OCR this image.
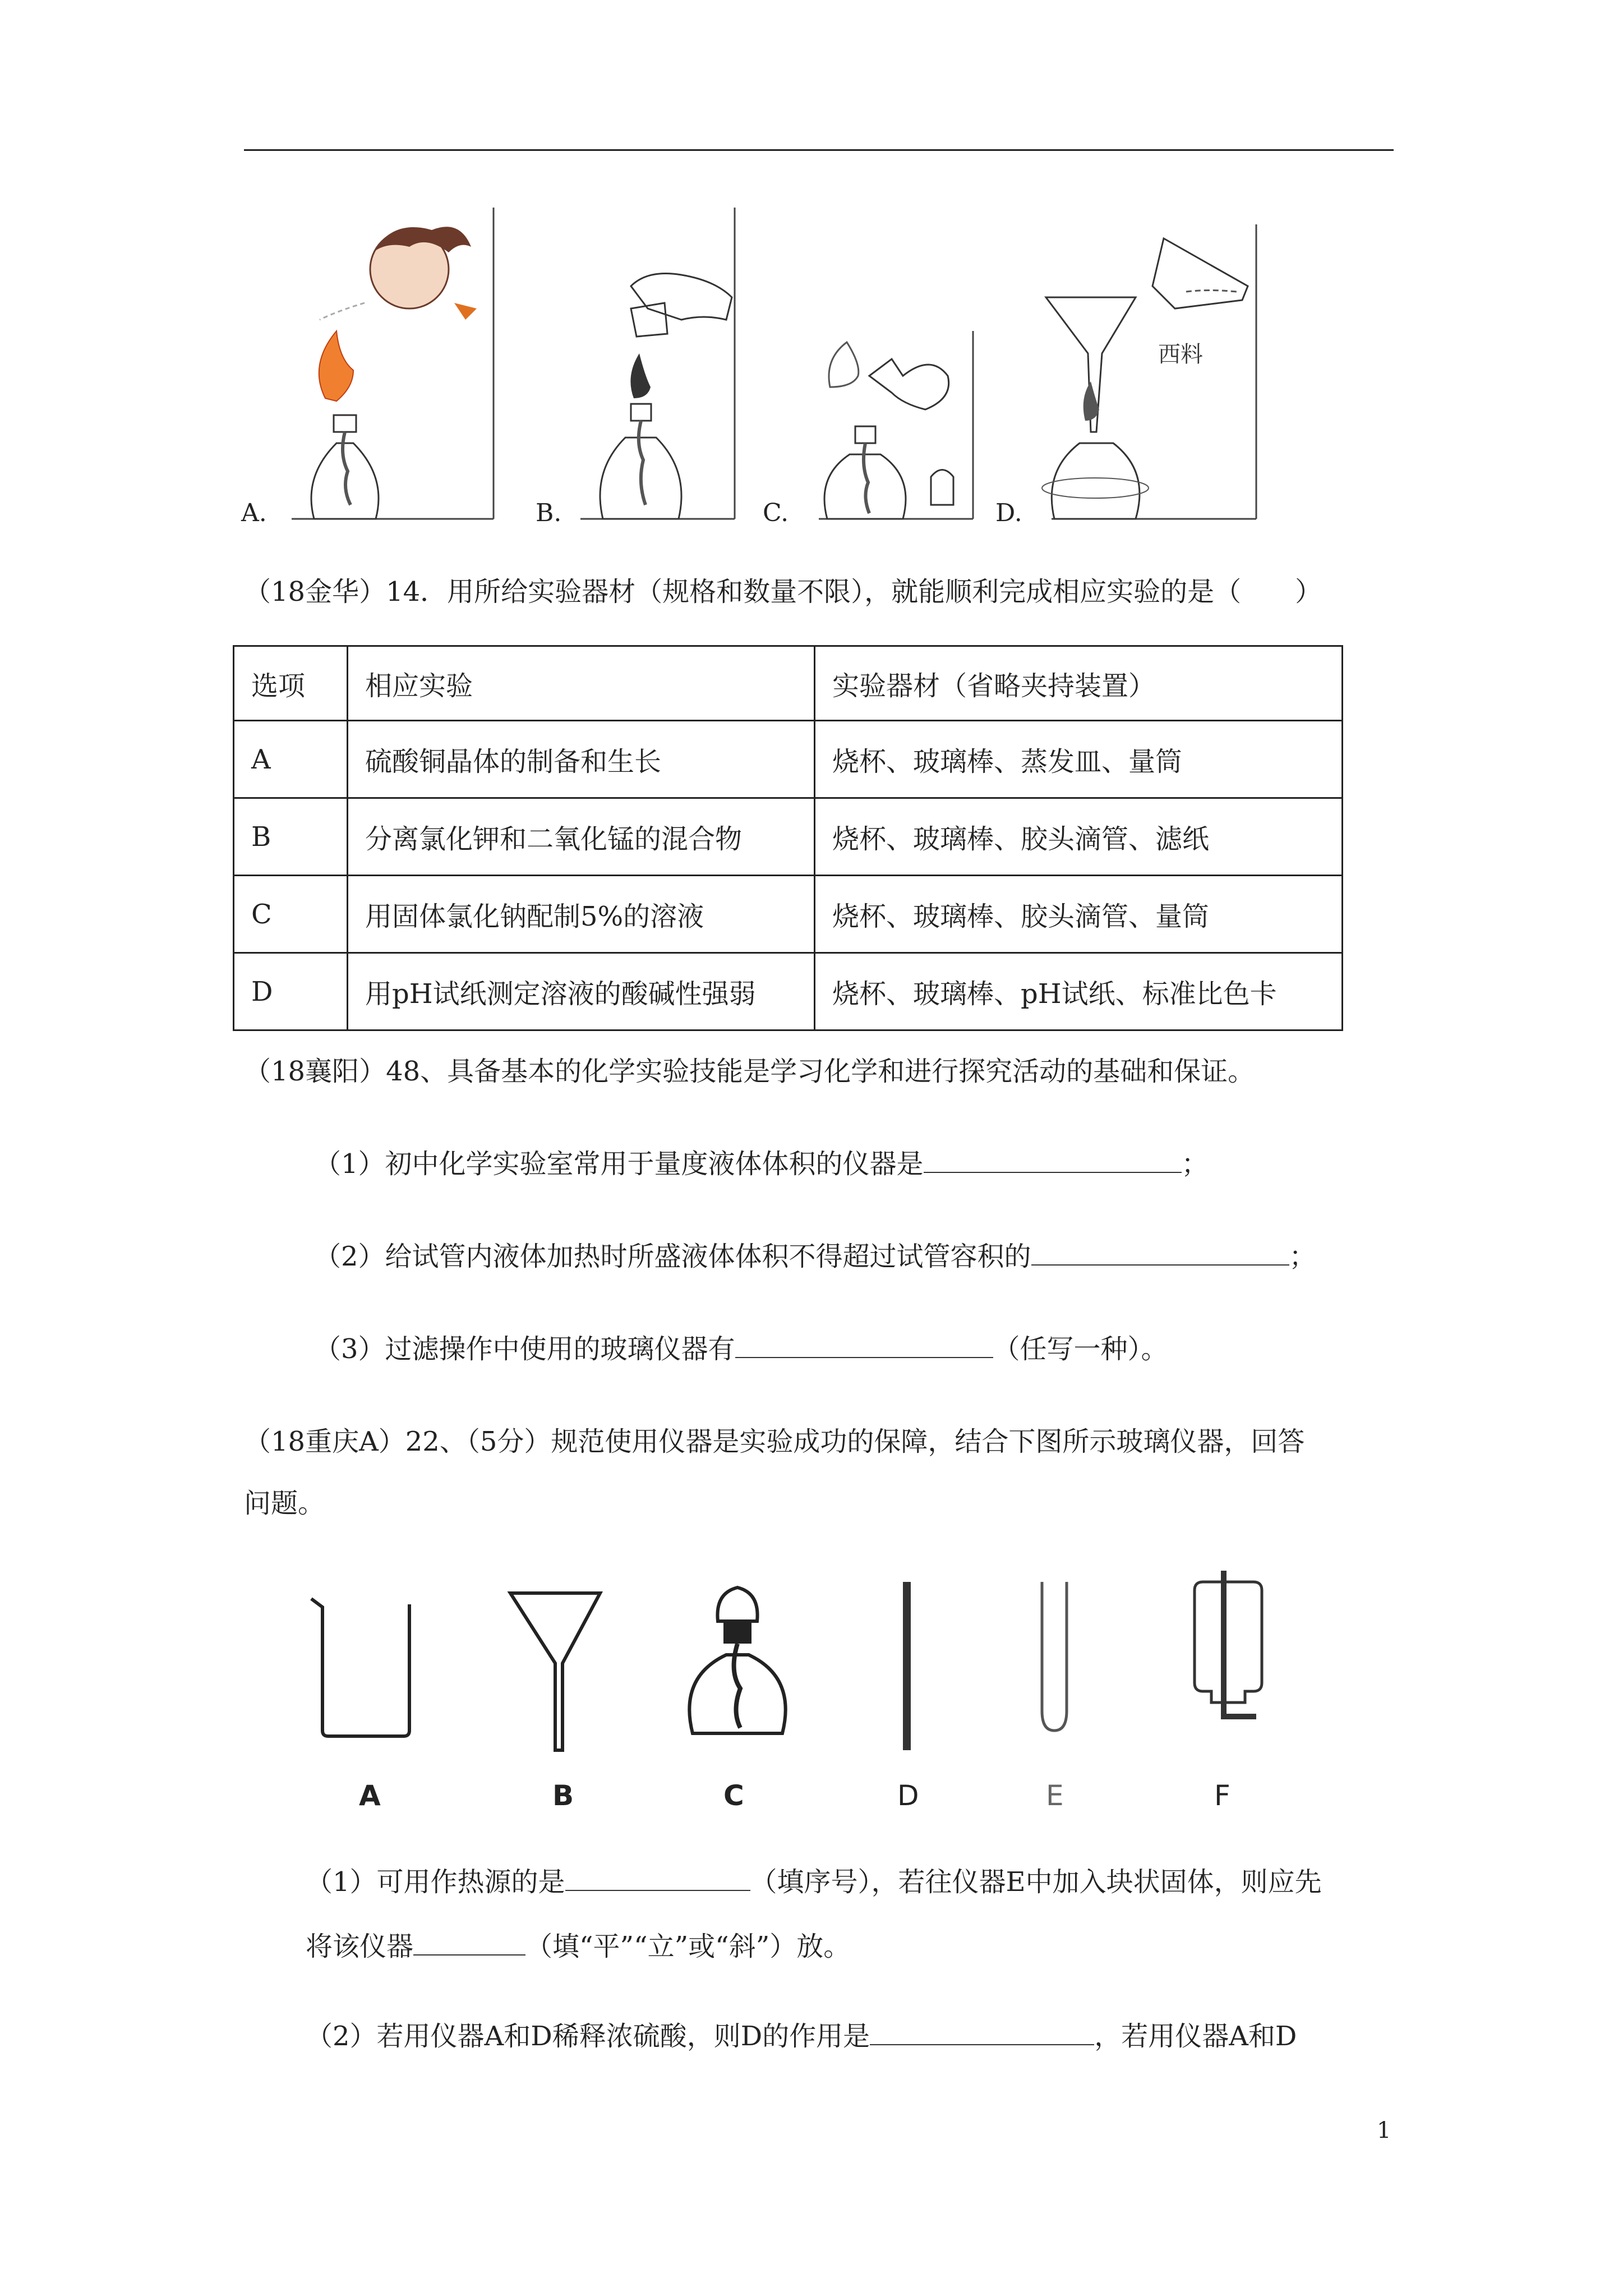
A.	B.	C.
西料
D.
（18金华）14．用所给实验器材（规格和数量不限），就能顺利完成相应实验的是（　　）
选项	相应实验	实验器材（省略夹持装置）
A	硫酸铜晶体的制备和生长	烧杯、玻璃棒、蒸发皿、量筒
B	分离氯化钾和二氧化锰的混合物	烧杯、玻璃棒、胶头滴管、滤纸
C	用固体氯化钠配制5%的溶液	烧杯、玻璃棒、胶头滴管、量筒
D	用pH试纸测定溶液的酸碱性强弱	烧杯、玻璃棒、pH试纸、标准比色卡
（18襄阳）48、具备基本的化学实验技能是学习化学和进行探究活动的基础和保证。
（1）初中化学实验室常用于量度液体体积的仪器是	；
（2）给试管内液体加热时所盛液体体积不得超过试管容积的	；
（3）过滤操作中使用的玻璃仪器有	（任写一种）。
（18重庆A）22、（5分）规范使用仪器是实验成功的保障，结合下图所示玻璃仪器，回答
问题。
A	B	C	D	E	F
（1）可用作热源的是	（填序号），若往仪器E中加入块状固体，则应先
将该仪器	（填“平”“立”或“斜”）放。
（2）若用仪器A和D稀释浓硫酸，则D的作用是	，若用仪器A和D
1
